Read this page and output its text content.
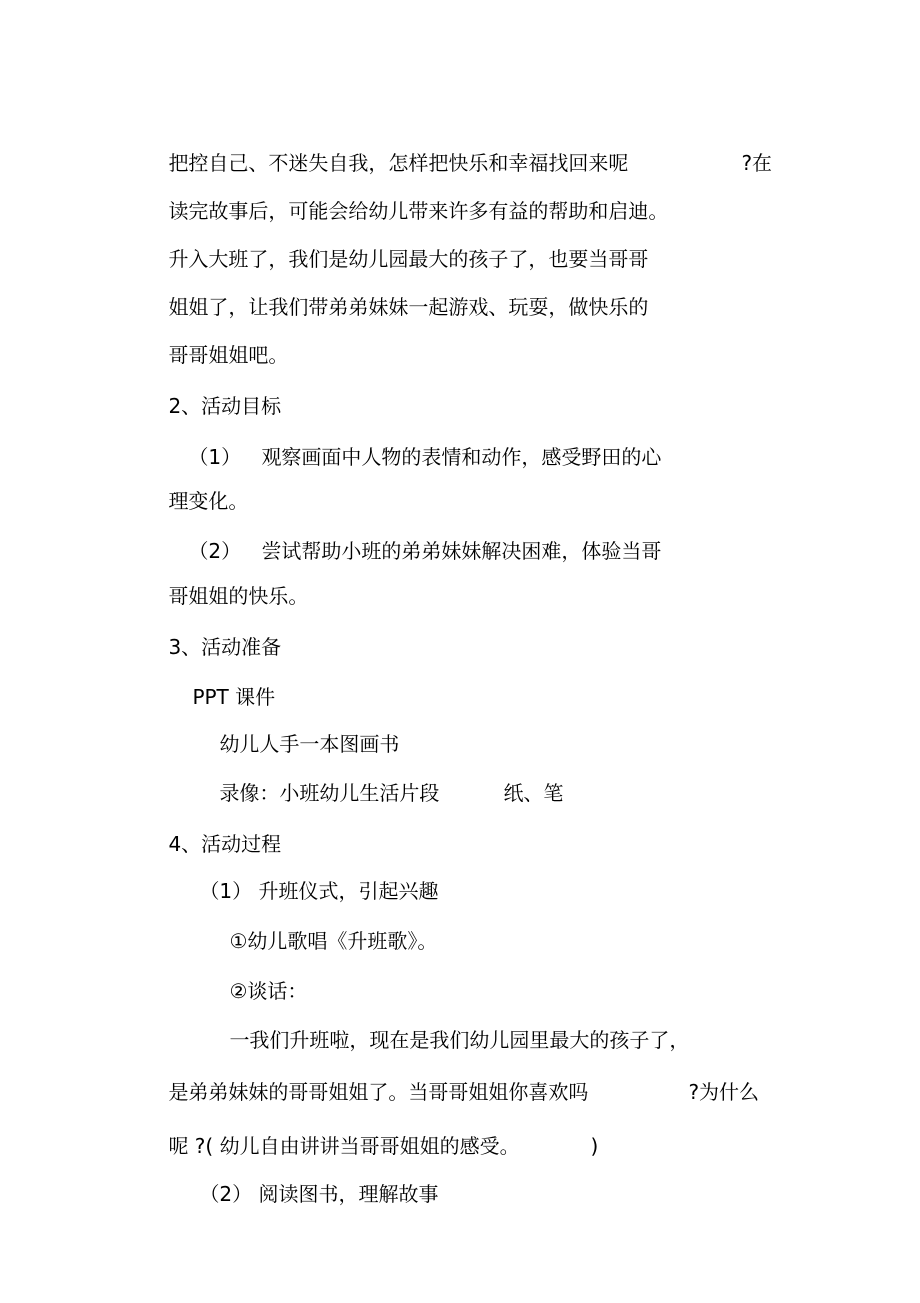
把控自己、不迷失自我，怎样把快乐和幸福找回来呢
	?在

读完故事后，可能会给幼儿带来许多有益的帮助和启迪。

升入大班了，我们是幼儿园最大的孩子了，也要当哥哥

姐姐了，让我们带弟弟妹妹一起游戏、玩耍，做快乐的

哥哥姐姐吧。

2、活动目标

（1）
	观察画面中人物的表情和动作，感受野田的心

理变化。

（2）
	尝试帮助小班的弟弟妹妹解决困难，体验当哥

哥姐姐的快乐。

3、活动准备

PPT 课件

幼儿人手一本图画书

录像：小班幼儿生活片段
	纸、笔

4、活动过程

（1） 升班仪式，引起兴趣

①幼儿歌唱《升班歌》。

②谈话：

一我们升班啦，现在是我们幼儿园里最大的孩子了，

是弟弟妹妹的哥哥姐姐了。当哥哥姐姐你喜欢吗
	?为什么

呢 ?( 幼儿自由讲讲当哥哥姐姐的感受。
	)

（2） 阅读图书，理解故事
